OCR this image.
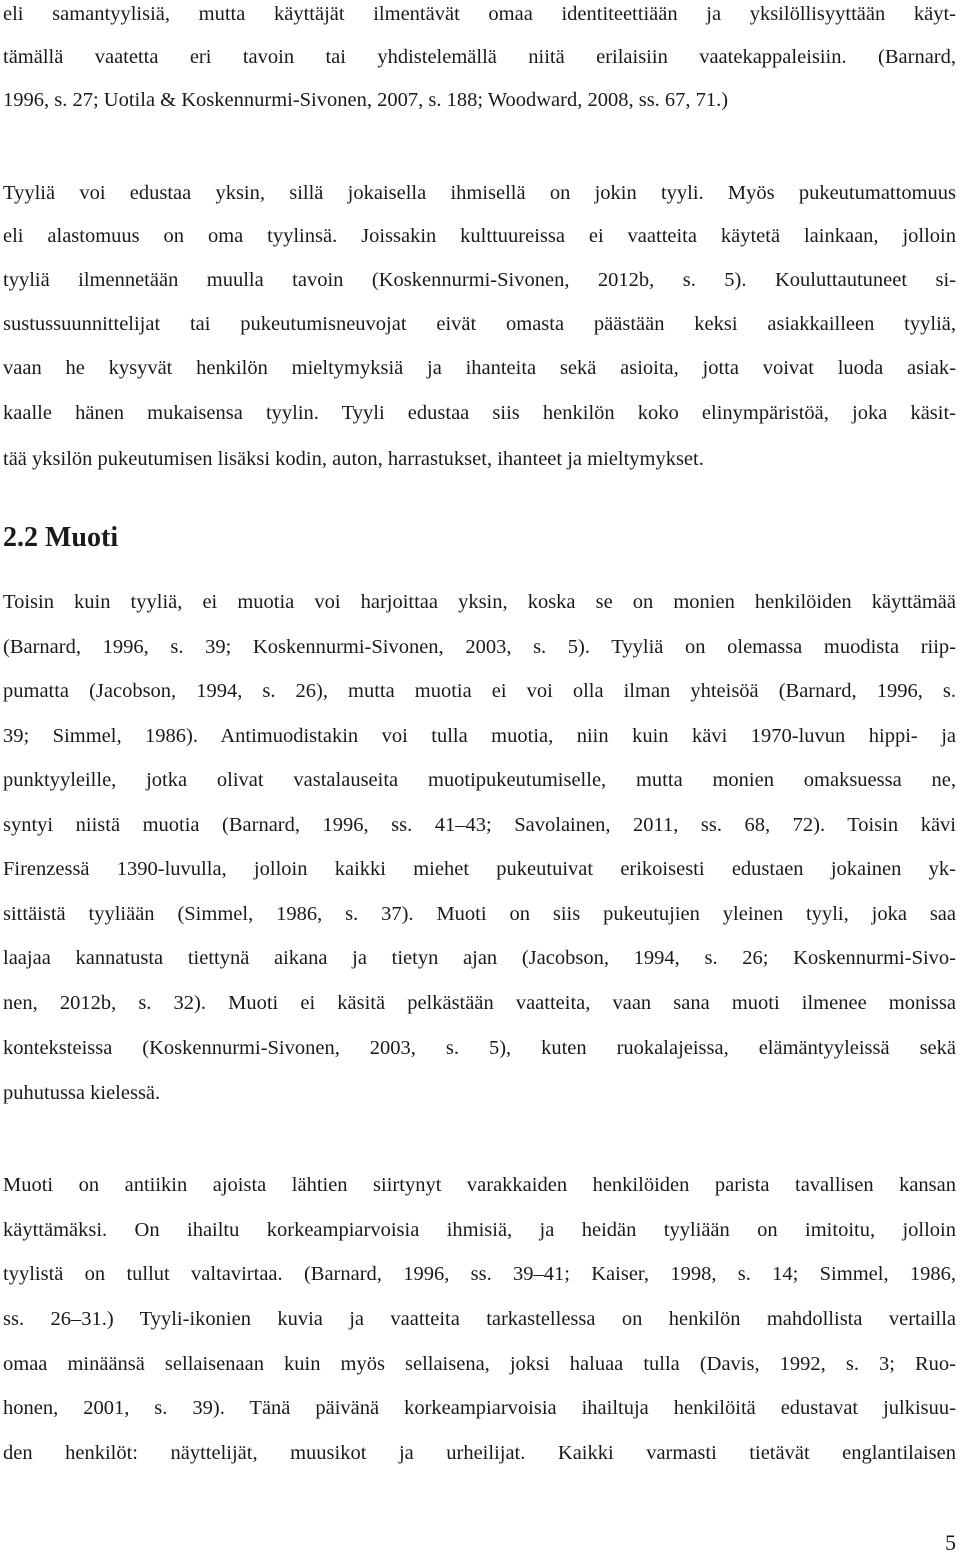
eli samantyylisiä, mutta käyttäjät ilmentävät omaa identiteettiään ja yksilöllisyyttään käyt-
tämällä vaatetta eri tavoin tai yhdistelemällä niitä erilaisiin vaatekappaleisiin. (Barnard,
1996, s. 27; Uotila & Koskennurmi-Sivonen, 2007, s. 188; Woodward, 2008, ss. 67, 71.)
Tyyliä voi edustaa yksin, sillä jokaisella ihmisellä on jokin tyyli. Myös pukeutumattomuus
eli alastomuus on oma tyylinsä. Joissakin kulttuureissa ei vaatteita käytetä lainkaan, jolloin
tyyliä ilmennetään muulla tavoin (Koskennurmi-Sivonen, 2012b, s. 5). Kouluttautuneet si-
sustussuunnittelijat tai pukeutumisneuvojat eivät omasta päästään keksi asiakkailleen tyyliä,
vaan he kysyvät henkilön mieltymyksiä ja ihanteita sekä asioita, jotta voivat luoda asiak-
kaalle hänen mukaisensa tyylin. Tyyli edustaa siis henkilön koko elinympäristöä, joka käsit-
tää yksilön pukeutumisen lisäksi kodin, auton, harrastukset, ihanteet ja mieltymykset.
2.2 Muoti
Toisin kuin tyyliä, ei muotia voi harjoittaa yksin, koska se on monien henkilöiden käyttämää
(Barnard, 1996, s. 39; Koskennurmi-Sivonen, 2003, s. 5). Tyyliä on olemassa muodista riip-
pumatta (Jacobson, 1994, s. 26), mutta muotia ei voi olla ilman yhteisöä (Barnard, 1996, s.
39; Simmel, 1986). Antimuodistakin voi tulla muotia, niin kuin kävi 1970-luvun hippi- ja
punktyyleille, jotka olivat vastalauseita muotipukeutumiselle, mutta monien omaksuessa ne,
syntyi niistä muotia (Barnard, 1996, ss. 41–43; Savolainen, 2011, ss. 68, 72). Toisin kävi
Firenzessä 1390-luvulla, jolloin kaikki miehet pukeutuivat erikoisesti edustaen jokainen yk-
sittäistä tyyliään (Simmel, 1986, s. 37). Muoti on siis pukeutujien yleinen tyyli, joka saa
laajaa kannatusta tiettynä aikana ja tietyn ajan (Jacobson, 1994, s. 26; Koskennurmi-Sivo-
nen, 2012b, s. 32). Muoti ei käsitä pelkästään vaatteita, vaan sana muoti ilmenee monissa
konteksteissa (Koskennurmi-Sivonen, 2003, s. 5), kuten ruokalajeissa, elämäntyyleissä sekä
puhutussa kielessä.
Muoti on antiikin ajoista lähtien siirtynyt varakkaiden henkilöiden parista tavallisen kansan
käyttämäksi. On ihailtu korkeampiarvoisia ihmisiä, ja heidän tyyliään on imitoitu, jolloin
tyylistä on tullut valtavirtaa. (Barnard, 1996, ss. 39–41; Kaiser, 1998, s. 14; Simmel, 1986,
ss. 26–31.) Tyyli-ikonien kuvia ja vaatteita tarkastellessa on henkilön mahdollista vertailla
omaa minäänsä sellaisenaan kuin myös sellaisena, joksi haluaa tulla (Davis, 1992, s. 3; Ruo-
honen, 2001, s. 39). Tänä päivänä korkeampiarvoisia ihailtuja henkilöitä edustavat julkisuu-
den henkilöt: näyttelijät, muusikot ja urheilijat. Kaikki varmasti tietävät englantilaisen
5
